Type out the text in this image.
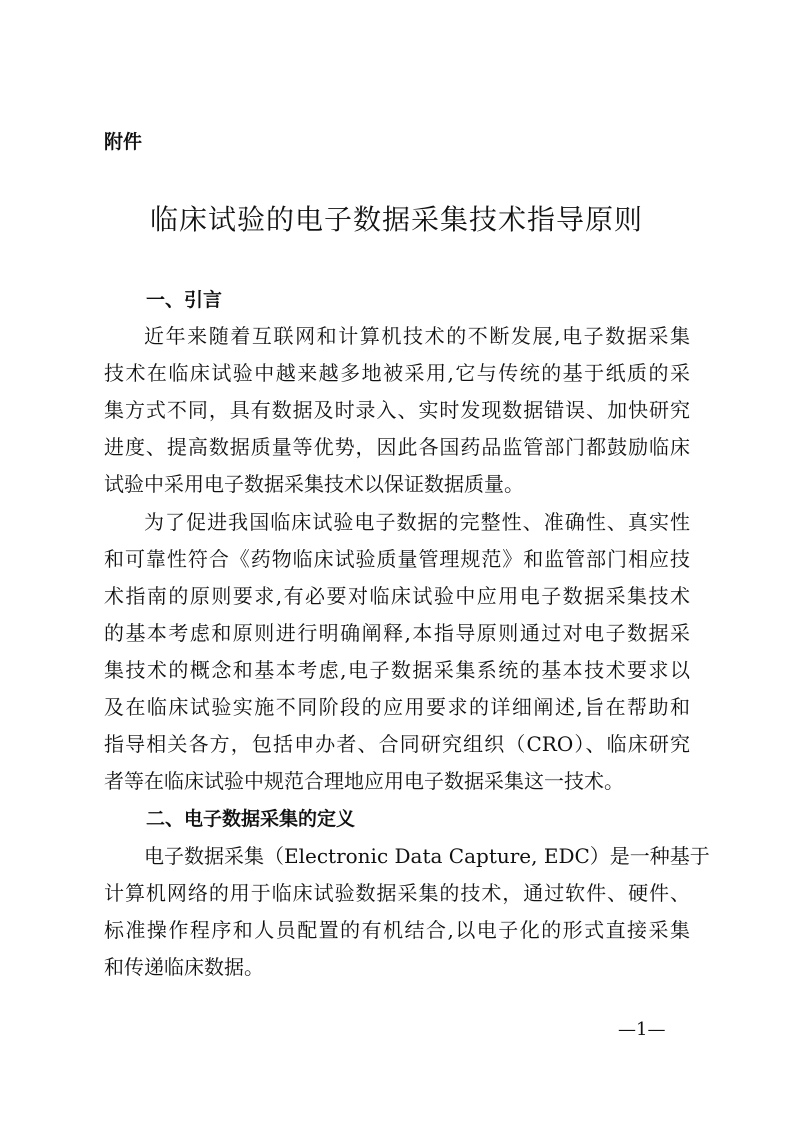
附件
临床试验的电子数据采集技术指导原则
一、引言
近年来随着互联网和计算机技术的不断发展,电子数据采集
技术在临床试验中越来越多地被采用,它与传统的基于纸质的采
集方式不同，具有数据及时录入、实时发现数据错误、加快研究
进度、提高数据质量等优势，因此各国药品监管部门都鼓励临床
试验中采用电子数据采集技术以保证数据质量。
为了促进我国临床试验电子数据的完整性、准确性、真实性
和可靠性符合《药物临床试验质量管理规范》和监管部门相应技
术指南的原则要求,有必要对临床试验中应用电子数据采集技术
的基本考虑和原则进行明确阐释,本指导原则通过对电子数据采
集技术的概念和基本考虑,电子数据采集系统的基本技术要求以
及在临床试验实施不同阶段的应用要求的详细阐述,旨在帮助和
指导相关各方，包括申办者、合同研究组织（CRO）、临床研究
者等在临床试验中规范合理地应用电子数据采集这一技术。
二、电子数据采集的定义
电子数据采集（Electronic Data Capture, EDC）是一种基于
计算机网络的用于临床试验数据采集的技术，通过软件、硬件、
标准操作程序和人员配置的有机结合,以电子化的形式直接采集
和传递临床数据。
—1—
